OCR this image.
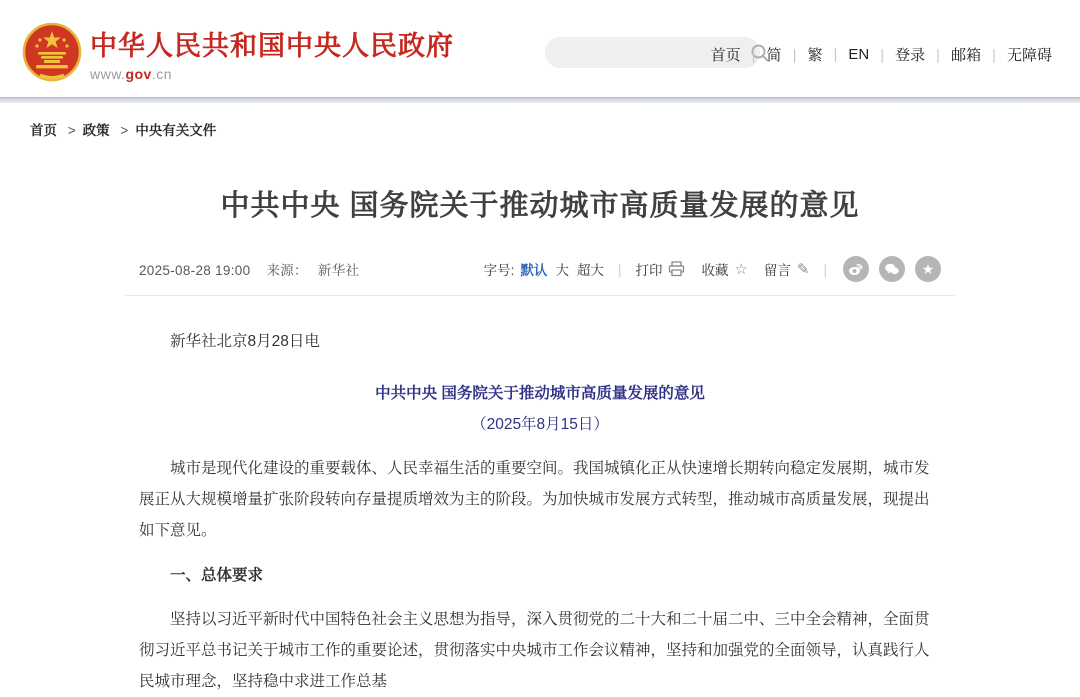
中华人民共和国中央人民政府
www.gov.cn
首页	| 简	| 繁	| EN	| 登录	| 邮箱	| 无障碍
首页 > 政策 > 中央有关文件
中共中央 国务院关于推动城市高质量发展的意见
2025-08-28 19:00 来源： 新华社	字号: 默认 大 超大 | 打印	收藏 ☆ 留言 ✎ |	★

新华社北京8月28日电

中共中央 国务院关于推动城市高质量发展的意见

（2025年8月15日）

城市是现代化建设的重要载体、人民幸福生活的重要空间。我国城镇化正从快速增长期转向稳定发展期，城市发展正从大规模增量扩张阶段转向存量提质增效为主的阶段。为加快城市发展方式转型，推动城市高质量发展，现提出如下意见。

一、总体要求

坚持以习近平新时代中国特色社会主义思想为指导，深入贯彻党的二十大和二十届二中、三中全会精神，全面贯彻习近平总书记关于城市工作的重要论述，贯彻落实中央城市工作会议精神，坚持和加强党的全面领导，认真践行人民城市理念，坚持稳中求进工作总基
